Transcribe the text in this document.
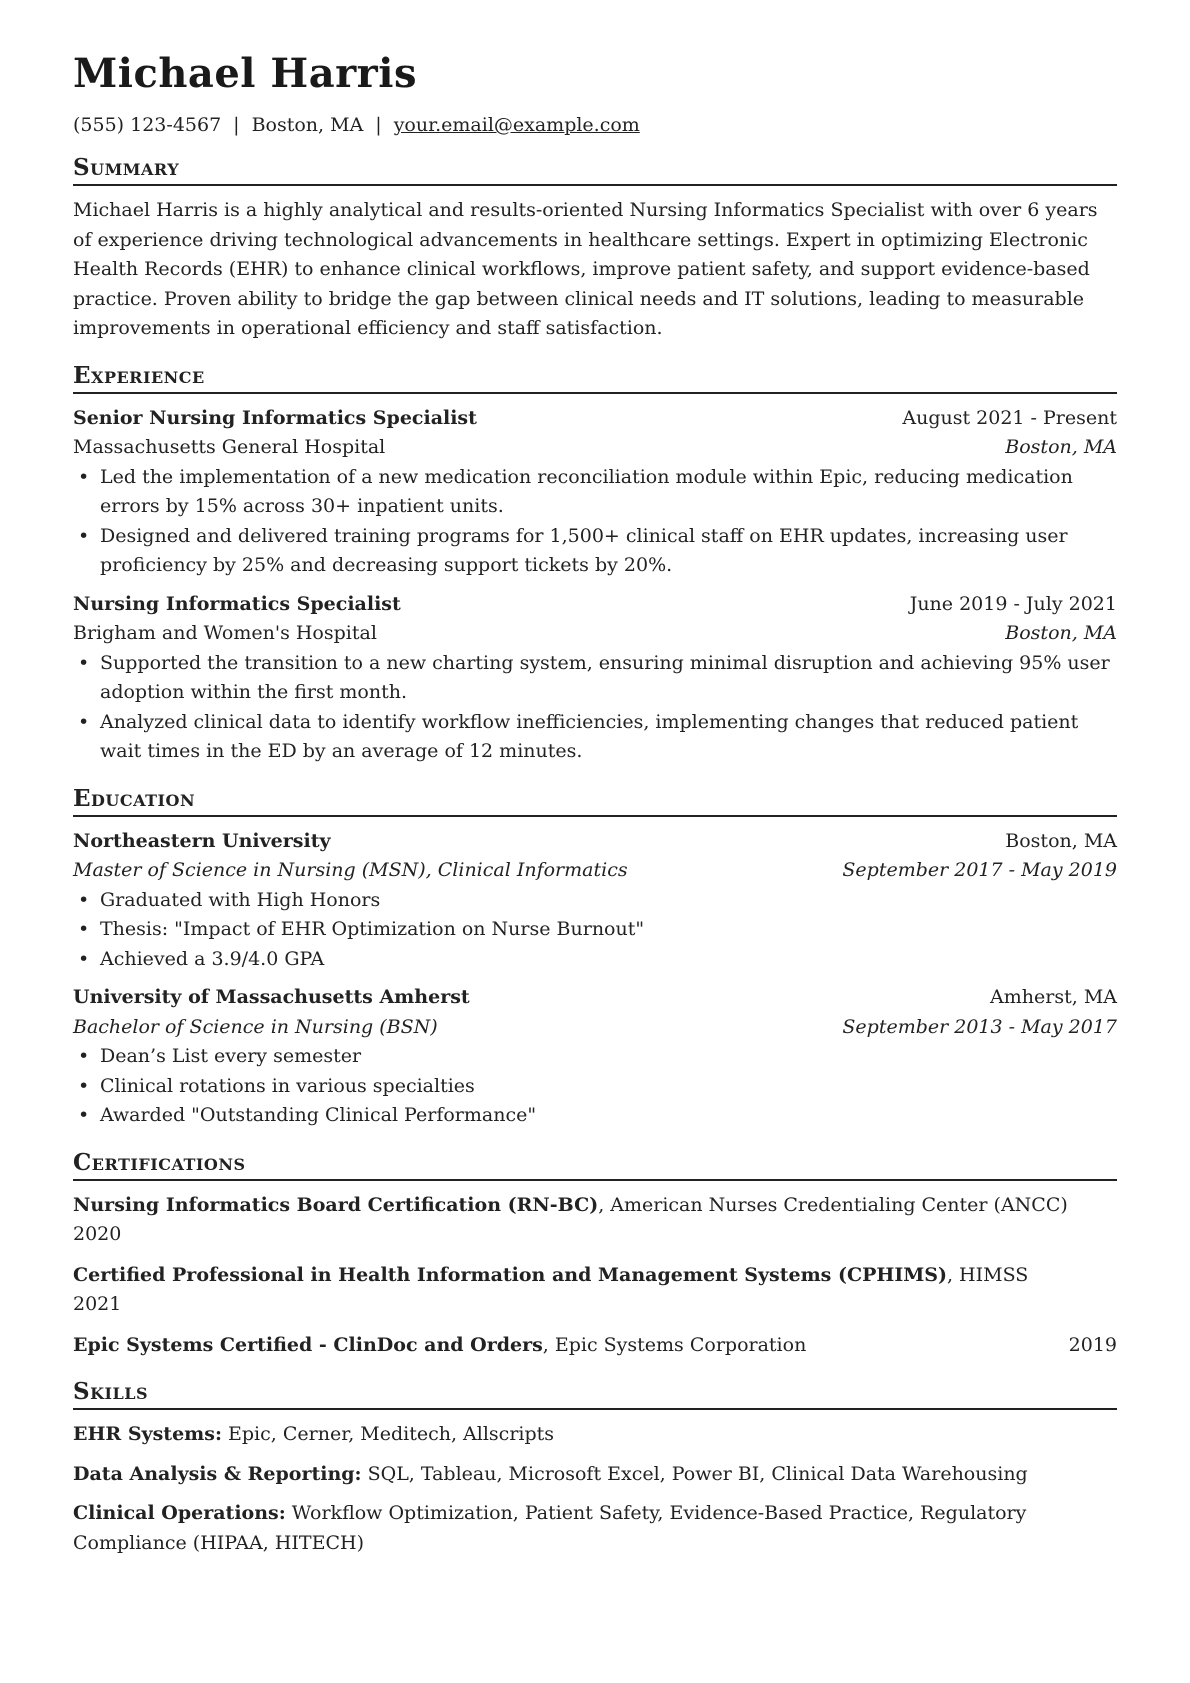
Michael Harris
(555) 123-4567 | Boston, MA | your.email@example.com
Summary

Michael Harris is a highly analytical and results-oriented Nursing Informatics Specialist with over 6 years of experience driving technological advancements in healthcare settings. Expert in optimizing Electronic Health Records (EHR) to enhance clinical workflows, improve patient safety, and support evidence-based practice. Proven ability to bridge the gap between clinical needs and IT solutions, leading to measurable improvements in operational efficiency and staff satisfaction.

Experience
Senior Nursing Informatics Specialist	August 2021 - Present
Massachusetts General Hospital	Boston, MA
• Led the implementation of a new medication reconciliation module within Epic, reducing medication errors by 15% across 30+ inpatient units.
• Designed and delivered training programs for 1,500+ clinical staff on EHR updates, increasing user proficiency by 25% and decreasing support tickets by 20%.
Nursing Informatics Specialist	June 2019 - July 2021
Brigham and Women's Hospital	Boston, MA
• Supported the transition to a new charting system, ensuring minimal disruption and achieving 95% user adoption within the first month.
• Analyzed clinical data to identify workflow inefficiencies, implementing changes that reduced patient wait times in the ED by an average of 12 minutes.
Education
Northeastern University	Boston, MA
Master of Science in Nursing (MSN), Clinical Informatics	September 2017 - May 2019
• Graduated with High Honors
• Thesis: "Impact of EHR Optimization on Nurse Burnout"
• Achieved a 3.9/4.0 GPA
University of Massachusetts Amherst	Amherst, MA
Bachelor of Science in Nursing (BSN)	September 2013 - May 2017
• Dean’s List every semester
• Clinical rotations in various specialties
• Awarded "Outstanding Clinical Performance"
Certifications
Nursing Informatics Board Certification (RN-BC), American Nurses Credentialing Center (ANCC)
2020
Certified Professional in Health Information and Management Systems (CPHIMS), HIMSS
2021
Epic Systems Certified - ClinDoc and Orders, Epic Systems Corporation	2019
Skills
EHR Systems: Epic, Cerner, Meditech, Allscripts
Data Analysis & Reporting: SQL, Tableau, Microsoft Excel, Power BI, Clinical Data Warehousing
Clinical Operations: Workflow Optimization, Patient Safety, Evidence-Based Practice, Regulatory Compliance (HIPAA, HITECH)
